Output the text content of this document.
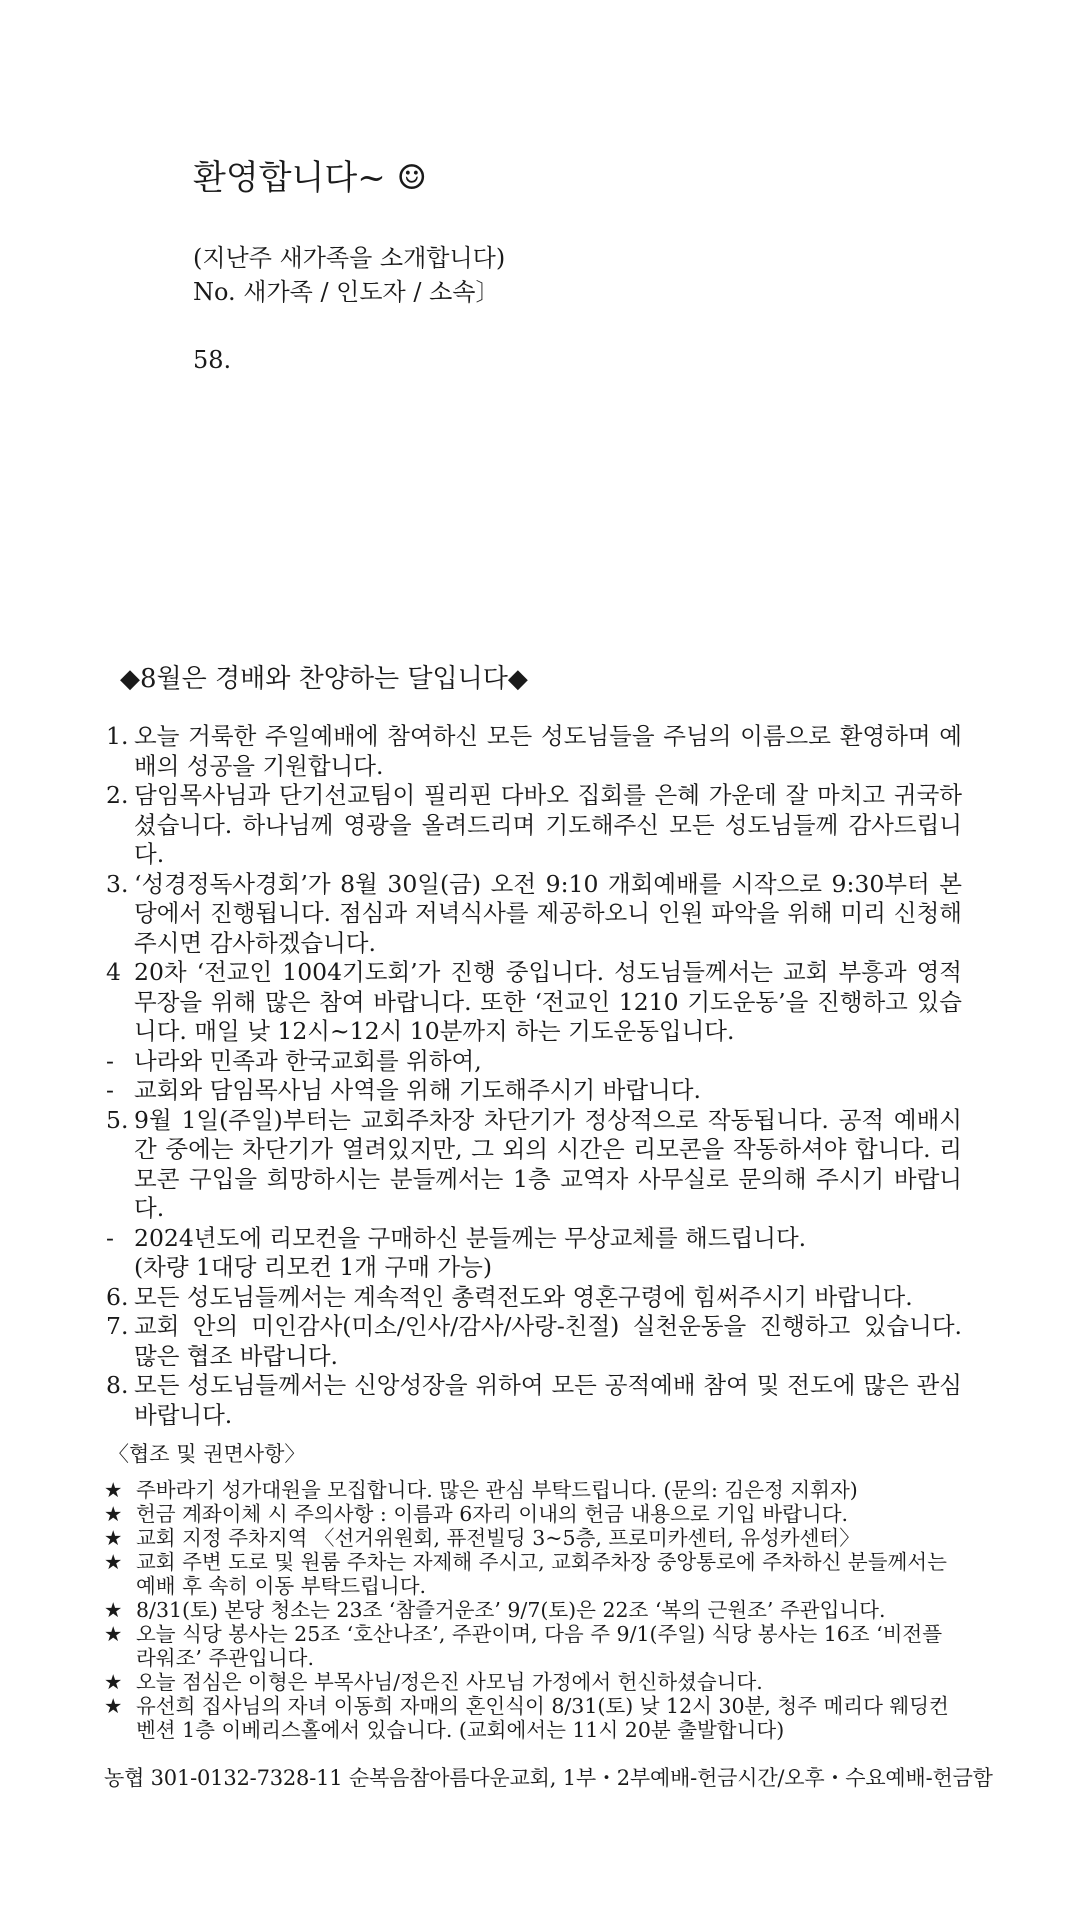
환영합니다~ ☺
(지난주 새가족을 소개합니다)
No. 새가족 / 인도자 / 소속〕
58.
◆8월은 경배와 찬양하는 달입니다◆
1. 오늘 거룩한 주일예배에 참여하신 모든 성도님들을 주님의 이름으로 환영하며 예배의 성공을 기원합니다.
2. 담임목사님과 단기선교팀이 필리핀 다바오 집회를 은혜 가운데 잘 마치고 귀국하셨습니다. 하나님께 영광을 올려드리며 기도해주신 모든 성도님들께 감사드립니다.
3. ‘성경정독사경회’가 8월 30일(금) 오전 9:10 개회예배를 시작으로 9:30부터 본당에서 진행됩니다. 점심과 저녁식사를 제공하오니 인원 파악을 위해 미리 신청해주시면 감사하겠습니다.
4 20차 ‘전교인 1004기도회’가 진행 중입니다. 성도님들께서는 교회 부흥과 영적무장을 위해 많은 참여 바랍니다. 또한 ‘전교인 1210 기도운동’을 진행하고 있습니다. 매일 낮 12시~12시 10분까지 하는 기도운동입니다.
- 나라와 민족과 한국교회를 위하여,
- 교회와 담임목사님 사역을 위해 기도해주시기 바랍니다.
5. 9월 1일(주일)부터는 교회주차장 차단기가 정상적으로 작동됩니다. 공적 예배시간 중에는 차단기가 열려있지만, 그 외의 시간은 리모콘을 작동하셔야 합니다. 리모콘 구입을 희망하시는 분들께서는 1층 교역자 사무실로 문의해 주시기 바랍니다.
- 2024년도에 리모컨을 구매하신 분들께는 무상교체를 해드립니다.
(차량 1대당 리모컨 1개 구매 가능)
6. 모든 성도님들께서는 계속적인 총력전도와 영혼구령에 힘써주시기 바랍니다.
7. 교회 안의 미인감사(미소/인사/감사/사랑-친절) 실천운동을 진행하고 있습니다. 많은 협조 바랍니다.
8. 모든 성도님들께서는 신앙성장을 위하여 모든 공적예배 참여 및 전도에 많은 관심 바랍니다.
〈협조 및 권면사항〉
★ 주바라기 성가대원을 모집합니다. 많은 관심 부탁드립니다. (문의: 김은정 지휘자)
★ 헌금 계좌이체 시 주의사항 : 이름과 6자리 이내의 헌금 내용으로 기입 바랍니다.
★ 교회 지정 주차지역 〈선거위원회, 퓨전빌딩 3~5층, 프로미카센터, 유성카센터〉
★ 교회 주변 도로 및 원룸 주차는 자제해 주시고, 교회주차장 중앙통로에 주차하신 분들께서는 예배 후 속히 이동 부탁드립니다.
★ 8/31(토) 본당 청소는 23조 ‘참즐거운조’ 9/7(토)은 22조 ‘복의 근원조’ 주관입니다.
★ 오늘 식당 봉사는 25조 ‘호산나조’, 주관이며, 다음 주 9/1(주일) 식당 봉사는 16조 ‘비전플라워조’ 주관입니다.
★ 오늘 점심은 이형은 부목사님/정은진 사모님 가정에서 헌신하셨습니다.
★ 유선희 집사님의 자녀 이동희 자매의 혼인식이 8/31(토) 낮 12시 30분, 청주 메리다 웨딩컨벤션 1층 이베리스홀에서 있습니다. (교회에서는 11시 20분 출발합니다)
농협 301-0132-7328-11 순복음참아름다운교회, 1부・2부예배-헌금시간/오후・수요예배-헌금함
